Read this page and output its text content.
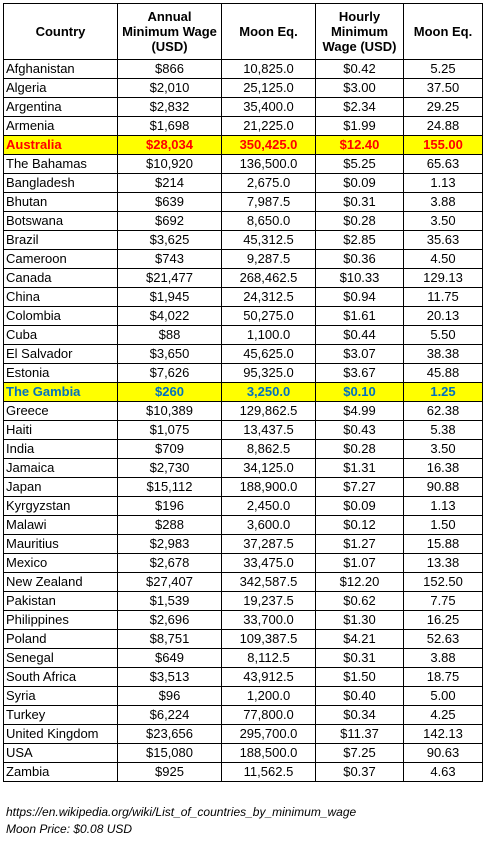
Country	Annual Minimum Wage (USD)	Moon Eq.	Hourly Minimum Wage (USD)	Moon Eq.
Afghanistan	$866	10,825.0	$0.42	5.25
Algeria	$2,010	25,125.0	$3.00	37.50
Argentina	$2,832	35,400.0	$2.34	29.25
Armenia	$1,698	21,225.0	$1.99	24.88
Australia	$28,034	350,425.0	$12.40	155.00
The Bahamas	$10,920	136,500.0	$5.25	65.63
Bangladesh	$214	2,675.0	$0.09	1.13
Bhutan	$639	7,987.5	$0.31	3.88
Botswana	$692	8,650.0	$0.28	3.50
Brazil	$3,625	45,312.5	$2.85	35.63
Cameroon	$743	9,287.5	$0.36	4.50
Canada	$21,477	268,462.5	$10.33	129.13
China	$1,945	24,312.5	$0.94	11.75
Colombia	$4,022	50,275.0	$1.61	20.13
Cuba	$88	1,100.0	$0.44	5.50
El Salvador	$3,650	45,625.0	$3.07	38.38
Estonia	$7,626	95,325.0	$3.67	45.88
The Gambia	$260	3,250.0	$0.10	1.25
Greece	$10,389	129,862.5	$4.99	62.38
Haiti	$1,075	13,437.5	$0.43	5.38
India	$709	8,862.5	$0.28	3.50
Jamaica	$2,730	34,125.0	$1.31	16.38
Japan	$15,112	188,900.0	$7.27	90.88
Kyrgyzstan	$196	2,450.0	$0.09	1.13
Malawi	$288	3,600.0	$0.12	1.50
Mauritius	$2,983	37,287.5	$1.27	15.88
Mexico	$2,678	33,475.0	$1.07	13.38
New Zealand	$27,407	342,587.5	$12.20	152.50
Pakistan	$1,539	19,237.5	$0.62	7.75
Philippines	$2,696	33,700.0	$1.30	16.25
Poland	$8,751	109,387.5	$4.21	52.63
Senegal	$649	8,112.5	$0.31	3.88
South Africa	$3,513	43,912.5	$1.50	18.75
Syria	$96	1,200.0	$0.40	5.00
Turkey	$6,224	77,800.0	$0.34	4.25
United Kingdom	$23,656	295,700.0	$11.37	142.13
USA	$15,080	188,500.0	$7.25	90.63
Zambia	$925	11,562.5	$0.37	4.63
https://en.wikipedia.org/wiki/List_of_countries_by_minimum_wage
Moon Price: $0.08 USD
